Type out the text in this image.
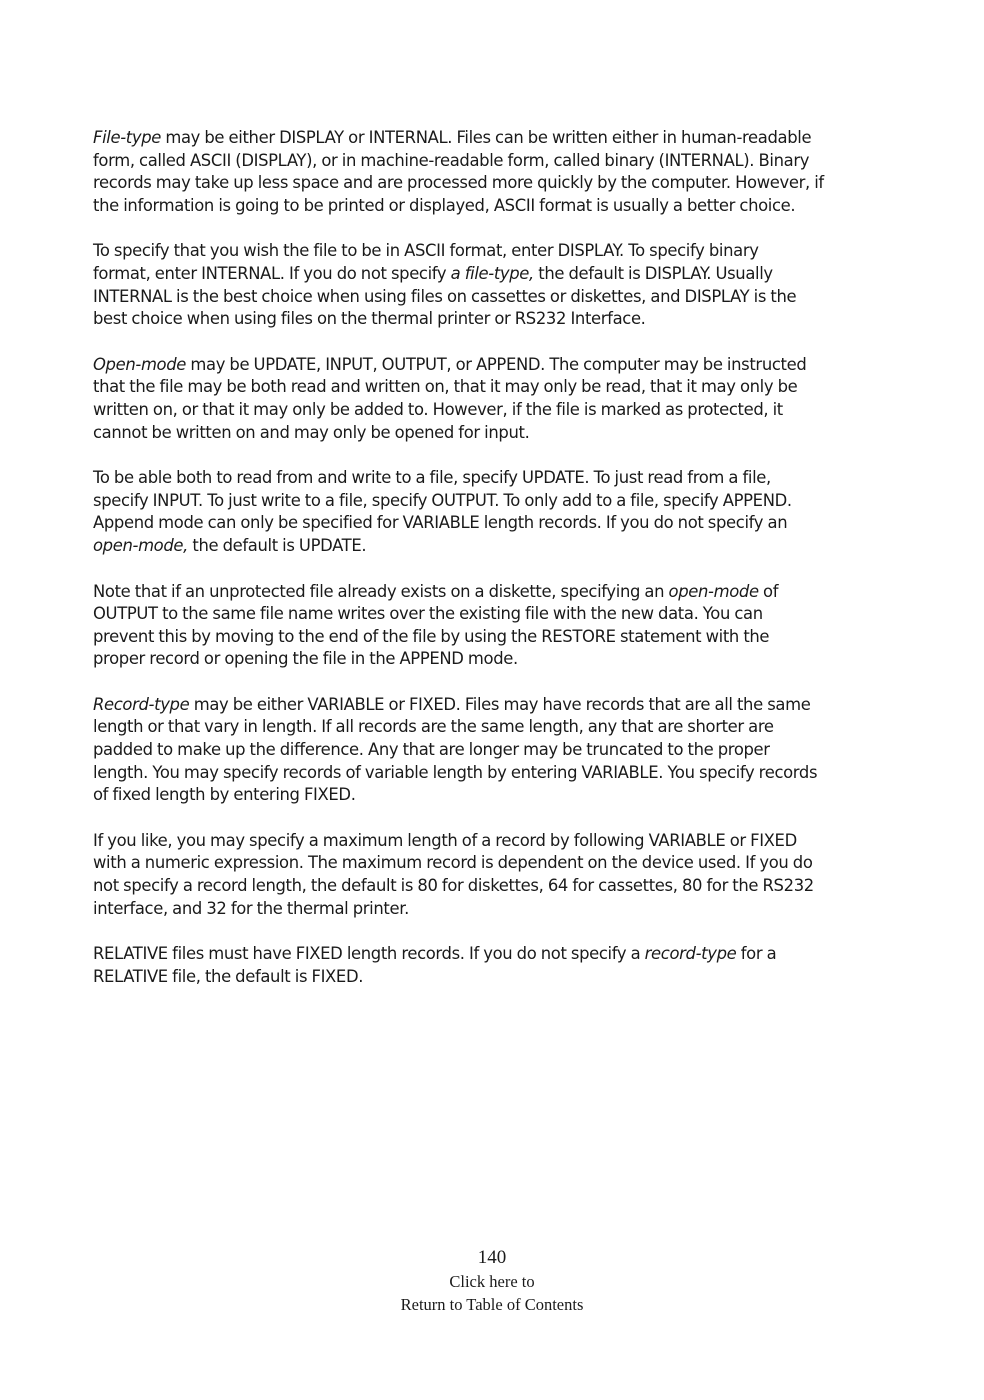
File-type may be either DISPLAY or INTERNAL. Files can be written either in human-readable
form, called ASCII (DISPLAY), or in machine-readable form, called binary (INTERNAL). Binary
records may take up less space and are processed more quickly by the computer. However, if
the information is going to be printed or displayed, ASCII format is usually a better choice.

To specify that you wish the file to be in ASCII format, enter DISPLAY. To specify binary
format, enter INTERNAL. If you do not specify a file-type, the default is DISPLAY. Usually
INTERNAL is the best choice when using files on cassettes or diskettes, and DISPLAY is the
best choice when using files on the thermal printer or RS232 Interface.

Open-mode may be UPDATE, INPUT, OUTPUT, or APPEND. The computer may be instructed
that the file may be both read and written on, that it may only be read, that it may only be
written on, or that it may only be added to. However, if the file is marked as protected, it
cannot be written on and may only be opened for input.

To be able both to read from and write to a file, specify UPDATE. To just read from a file,
specify INPUT. To just write to a file, specify OUTPUT. To only add to a file, specify APPEND.
Append mode can only be specified for VARIABLE length records. If you do not specify an
open-mode, the default is UPDATE.

Note that if an unprotected file already exists on a diskette, specifying an open-mode of
OUTPUT to the same file name writes over the existing file with the new data. You can
prevent this by moving to the end of the file by using the RESTORE statement with the
proper record or opening the file in the APPEND mode.

Record-type may be either VARIABLE or FIXED. Files may have records that are all the same
length or that vary in length. If all records are the same length, any that are shorter are
padded to make up the difference. Any that are longer may be truncated to the proper
length. You may specify records of variable length by entering VARIABLE. You specify records
of fixed length by entering FIXED.

If you like, you may specify a maximum length of a record by following VARIABLE or FIXED
with a numeric expression. The maximum record is dependent on the device used. If you do
not specify a record length, the default is 80 for diskettes, 64 for cassettes, 80 for the RS232
interface, and 32 for the thermal printer.

RELATIVE files must have FIXED length records. If you do not specify a record-type for a
RELATIVE file, the default is FIXED.

140
Click here to
Return to Table of Contents
